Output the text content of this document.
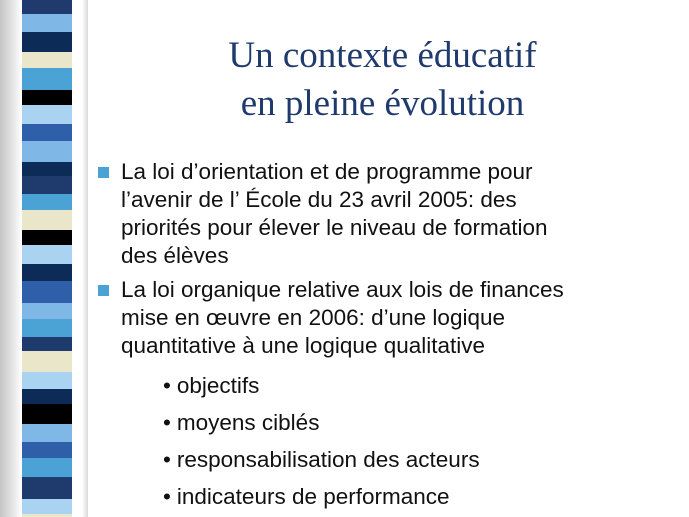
Un contexte éducatif
en pleine évolution
La loi d’orientation et de programme pour
l’avenir de l’ École du 23 avril 2005: des
priorités pour élever le niveau de formation
des élèves
La loi organique relative aux lois de finances
mise en œuvre en 2006: d’une logique
quantitative à une logique qualitative
• objectifs
• moyens ciblés
• responsabilisation des acteurs
• indicateurs de performance
